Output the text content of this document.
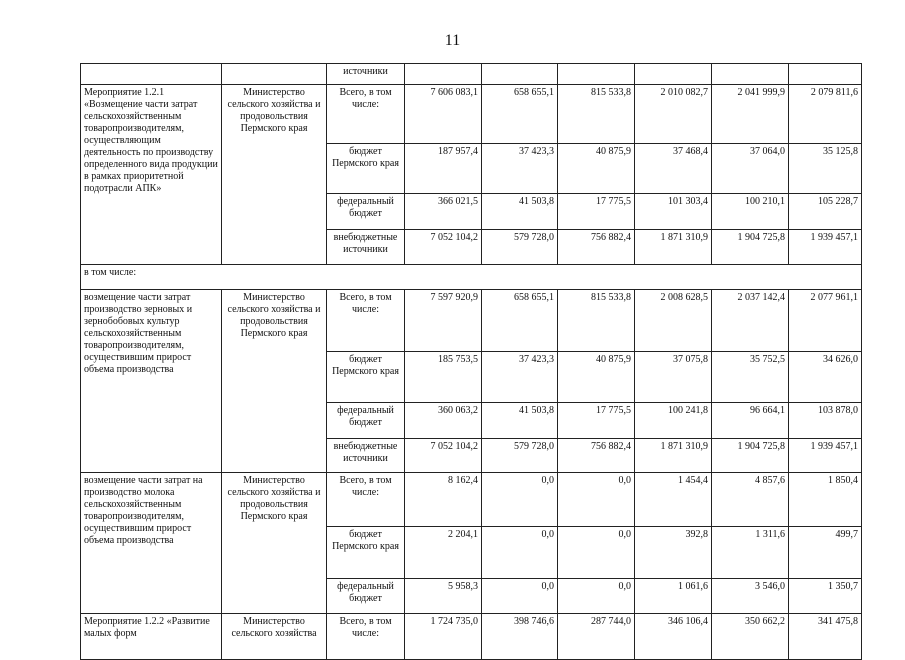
11
		источники						
Мероприятие 1.2.1 «Возмещение части затрат сельскохозяйственным товаропроизводителям, осуществляющим деятельность по производству определенного вида продукции в рамках приоритетной подотрасли АПК»	Министерство сельского хозяйства и продовольствия Пермского края	Всего, в том числе:	7 606 083,1	658 655,1	815 533,8	2 010 082,7	2 041 999,9	2 079 811,6
		бюджет Пермского края	187 957,4	37 423,3	40 875,9	37 468,4	37 064,0	35 125,8
		федеральный бюджет	366 021,5	41 503,8	17 775,5	101 303,4	100 210,1	105 228,7
		внебюджетные источники	7 052 104,2	579 728,0	756 882,4	1 871 310,9	1 904 725,8	1 939 457,1
в том числе:								
возмещение части затрат производство зерновых и зернобобовых культур сельскохозяйственным товаропроизводителям, осуществившим прирост объема производства	Министерство сельского хозяйства и продовольствия Пермского края	Всего, в том числе:	7 597 920,9	658 655,1	815 533,8	2 008 628,5	2 037 142,4	2 077 961,1
		бюджет Пермского края	185 753,5	37 423,3	40 875,9	37 075,8	35 752,5	34 626,0
		федеральный бюджет	360 063,2	41 503,8	17 775,5	100 241,8	96 664,1	103 878,0
		внебюджетные источники	7 052 104,2	579 728,0	756 882,4	1 871 310,9	1 904 725,8	1 939 457,1
возмещение части затрат на производство молока сельскохозяйственным товаропроизводителям, осуществившим прирост объема производства	Министерство сельского хозяйства и продовольствия Пермского края	Всего, в том числе:	8 162,4	0,0	0,0	1 454,4	4 857,6	1 850,4
		бюджет Пермского края	2 204,1	0,0	0,0	392,8	1 311,6	499,7
		федеральный бюджет	5 958,3	0,0	0,0	1 061,6	3 546,0	1 350,7
Мероприятие 1.2.2 «Развитие малых форм	Министерство сельского хозяйства	Всего, в том числе:	1 724 735,0	398 746,6	287 744,0	346 106,4	350 662,2	341 475,8
